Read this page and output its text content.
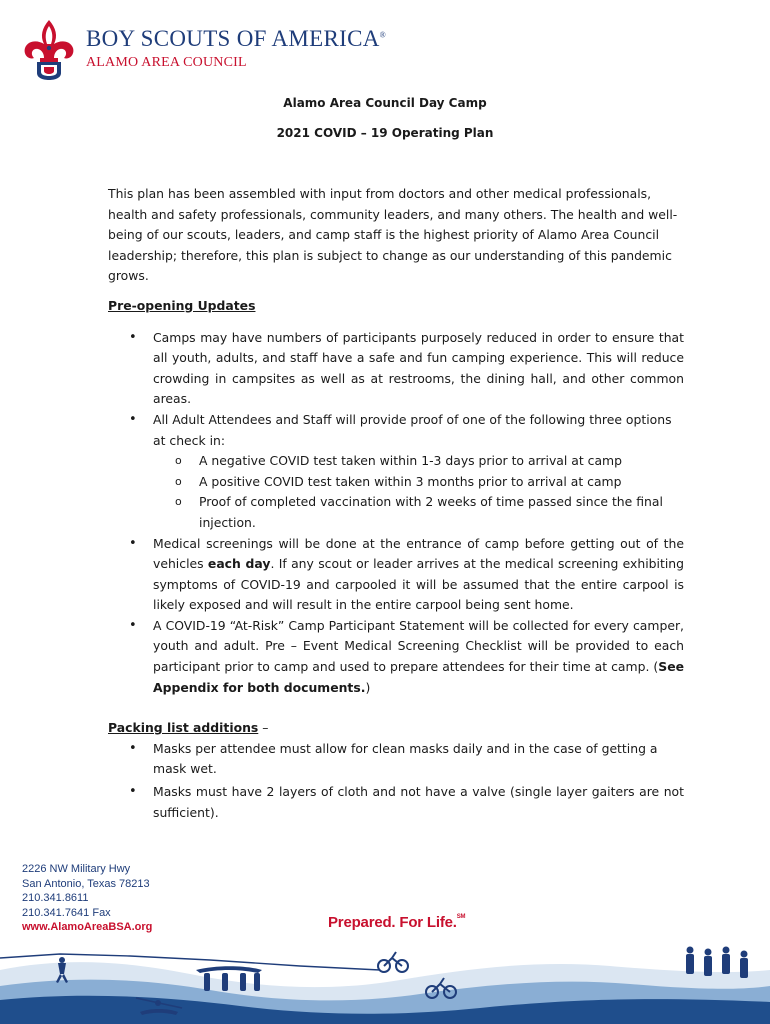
BOY SCOUTS OF AMERICA®
ALAMO AREA COUNCIL
Alamo Area Council Day Camp
2021 COVID – 19 Operating Plan

This plan has been assembled with input from doctors and other medical professionals, health and safety professionals, community leaders, and many others. The health and well-being of our scouts, leaders, and camp staff is the highest priority of Alamo Area Council leadership; therefore, this plan is subject to change as our understanding of this pandemic grows.

Pre-opening Updates

• Camps may have numbers of participants purposely reduced in order to ensure that all youth, adults, and staff have a safe and fun camping experience. This will reduce crowding in campsites as well as at restrooms, the dining hall, and other common areas.
• All Adult Attendees and Staff will provide proof of one of the following three options at check in:
o A negative COVID test taken within 1-3 days prior to arrival at camp
o A positive COVID test taken within 3 months prior to arrival at camp
o Proof of completed vaccination with 2 weeks of time passed since the final injection.
• Medical screenings will be done at the entrance of camp before getting out of the vehicles each day. If any scout or leader arrives at the medical screening exhibiting symptoms of COVID-19 and carpooled it will be assumed that the entire carpool is likely exposed and will result in the entire carpool being sent home.
• A COVID-19 “At-Risk” Camp Participant Statement will be collected for every camper, youth and adult. Pre – Event Medical Screening Checklist will be provided to each participant prior to camp and used to prepare attendees for their time at camp. (See Appendix for both documents.)

Packing list additions –

• Masks per attendee must allow for clean masks daily and in the case of getting a mask wet.
• Masks must have 2 layers of cloth and not have a valve (single layer gaiters are not sufficient).
2226 NW Military Hwy
San Antonio, Texas 78213
210.341.8611
210.341.7641 Fax
www.AlamoAreaBSA.org	Prepared. For Life.℠
